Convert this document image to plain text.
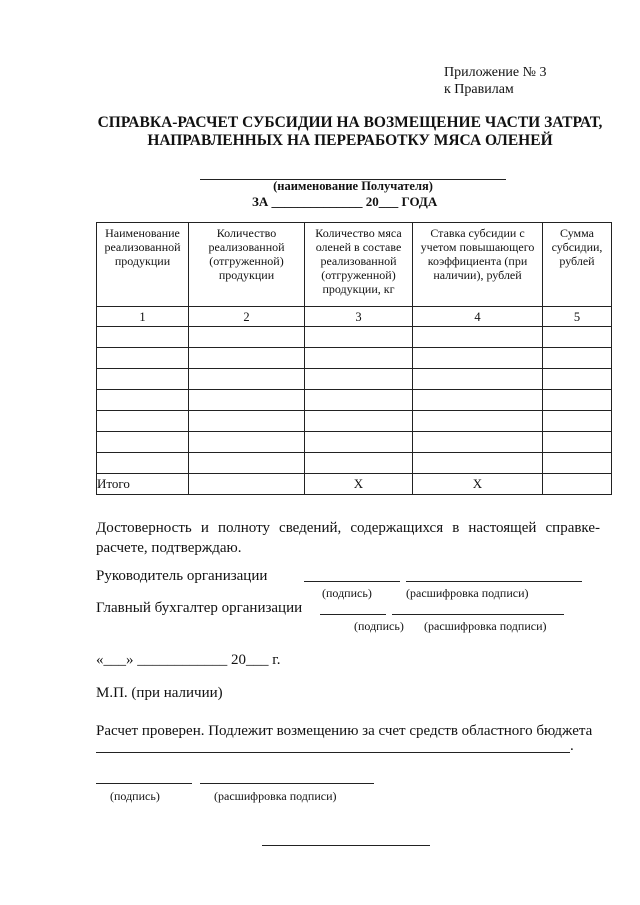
Приложение № 3
к Правилам
СПРАВКА-РАСЧЕТ СУБСИДИИ НА ВОЗМЕЩЕНИЕ ЧАСТИ ЗАТРАТ,
НАПРАВЛЕННЫХ НА ПЕРЕРАБОТКУ МЯСА ОЛЕНЕЙ
(наименование Получателя)
ЗА ______________ 20___ ГОДА
Наименование реализованной продукции	Количество реализованной (отгруженной) продукции	Количество мяса оленей в составе реализованной (отгруженной) продукции, кг	Ставка субсидии с учетом повышающего коэффициента (при наличии), рублей	Сумма субсидии, рублей
1	2	3	4	5

Итого		X	X	
Достоверность и полноту сведений, содержащихся в настоящей справке-расчете, подтверждаю.
Руководитель организации
(подпись)	(расшифровка подписи)
Главный бухгалтер организации
(подпись) (расшифровка подписи)
«___» ____________ 20___ г.
М.П. (при наличии)
Расчет проверен. Подлежит возмещению за счет средств областного бюджета
.
(подпись)	(расшифровка подписи)
